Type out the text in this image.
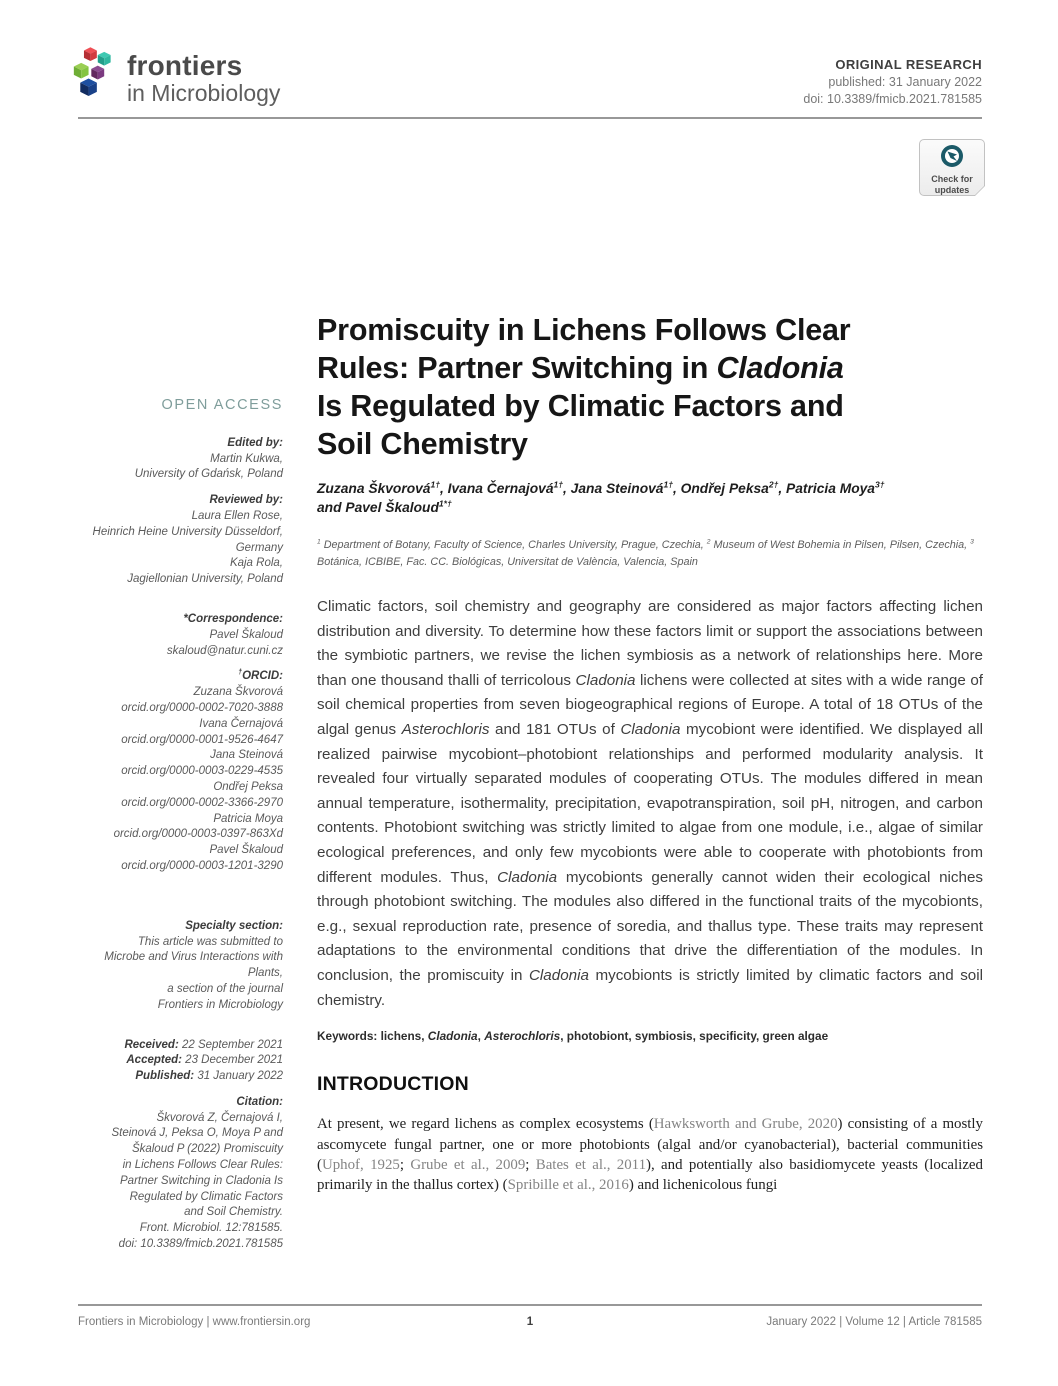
frontiers
in Microbiology
ORIGINAL RESEARCH
published: 31 January 2022
doi: 10.3389/fmicb.2021.781585
Check for
updates
OPEN ACCESS
Edited by:
Martin Kukwa,
University of Gdańsk, Poland
Reviewed by:
Laura Ellen Rose,
Heinrich Heine University Düsseldorf,
Germany
Kaja Rola,
Jagiellonian University, Poland
*Correspondence:
Pavel Škaloud
skaloud@natur.cuni.cz
†ORCID:
Zuzana Škvorová
orcid.org/0000-0002-7020-3888
Ivana Černajová
orcid.org/0000-0001-9526-4647
Jana Steinová
orcid.org/0000-0003-0229-4535
Ondřej Peksa
orcid.org/0000-0002-3366-2970
Patricia Moya
orcid.org/0000-0003-0397-863Xd
Pavel Škaloud
orcid.org/0000-0003-1201-3290
Specialty section:
This article was submitted to
Microbe and Virus Interactions with
Plants,
a section of the journal
Frontiers in Microbiology
Received: 22 September 2021
Accepted: 23 December 2021
Published: 31 January 2022
Citation:
Škvorová Z, Černajová I,
Steinová J, Peksa O, Moya P and
Škaloud P (2022) Promiscuity
in Lichens Follows Clear Rules:
Partner Switching in Cladonia Is
Regulated by Climatic Factors
and Soil Chemistry.
Front. Microbiol. 12:781585.
doi: 10.3389/fmicb.2021.781585
Promiscuity in Lichens Follows Clear
Rules: Partner Switching in Cladonia
Is Regulated by Climatic Factors and
Soil Chemistry
Zuzana Škvorová$^{1\dagger}$, Ivana Černajová$^{1\dagger}$, Jana Steinová$^{1\dagger}$, Ondřej Peksa$^{2\dagger}$, Patricia Moya$^{3\dagger}$
and Pavel Škaloud$^{1*\dagger}$
$^1$ Department of Botany, Faculty of Science, Charles University, Prague, Czechia, $^2$ Museum of West Bohemia in Pilsen, Pilsen, Czechia, $^3$ Botánica, ICBIBE, Fac. CC. Biológicas, Universitat de València, Valencia, Spain

Climatic factors, soil chemistry and geography are considered as major factors affecting lichen distribution and diversity. To determine how these factors limit or support the associations between the symbiotic partners, we revise the lichen symbiosis as a network of relationships here. More than one thousand thalli of terricolous Cladonia lichens were collected at sites with a wide range of soil chemical properties from seven biogeographical regions of Europe. A total of 18 OTUs of the algal genus Asterochloris and 181 OTUs of Cladonia mycobiont were identified. We displayed all realized pairwise mycobiont–photobiont relationships and performed modularity analysis. It revealed four virtually separated modules of cooperating OTUs. The modules differed in mean annual temperature, isothermality, precipitation, evapotranspiration, soil pH, nitrogen, and carbon contents. Photobiont switching was strictly limited to algae from one module, i.e., algae of similar ecological preferences, and only few mycobionts were able to cooperate with photobionts from different modules. Thus, Cladonia mycobionts generally cannot widen their ecological niches through photobiont switching. The modules also differed in the functional traits of the mycobionts, e.g., sexual reproduction rate, presence of soredia, and thallus type. These traits may represent adaptations to the environmental conditions that drive the differentiation of the modules. In conclusion, the promiscuity in Cladonia mycobionts is strictly limited by climatic factors and soil chemistry.

Keywords: lichens, Cladonia, Asterochloris, photobiont, symbiosis, specificity, green algae
INTRODUCTION

At present, we regard lichens as complex ecosystems (Hawksworth and Grube, 2020) consisting of a mostly ascomycete fungal partner, one or more photobionts (algal and/or cyanobacterial), bacterial communities (Uphof, 1925; Grube et al., 2009; Bates et al., 2011), and potentially also basidiomycete yeasts (localized primarily in the thallus cortex) (Spribille et al., 2016) and lichenicolous fungi

1
Frontiers in Microbiology | www.frontiersin.org	January 2022 | Volume 12 | Article 781585
